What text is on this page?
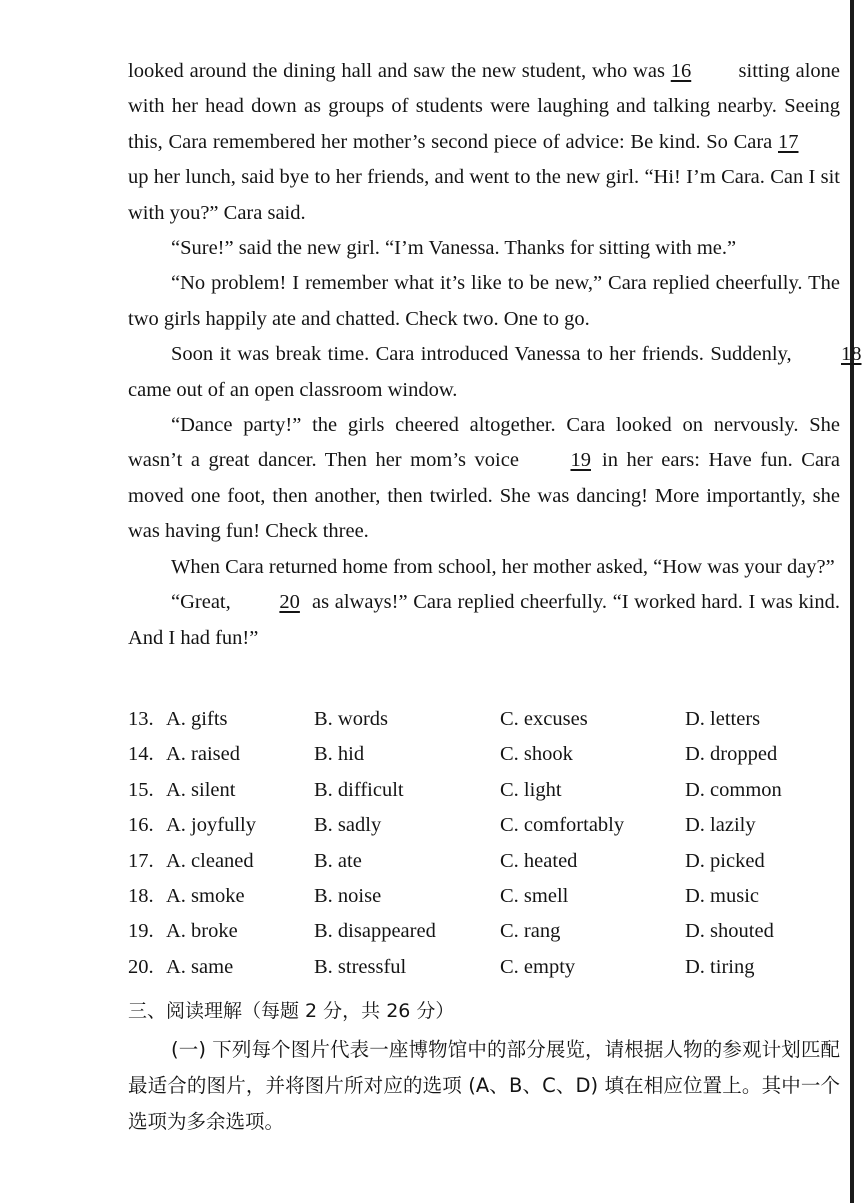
looked around the dining hall and saw the new student, who was 16 sitting alone with her head down as groups of students were laughing and talking nearby. Seeing this, Cara remembered her mother’s second piece of advice: Be kind. So Cara 17 up her lunch, said bye to her friends, and went to the new girl. “Hi! I’m Cara. Can I sit with you?” Cara said.

“Sure!” said the new girl. “I’m Vanessa. Thanks for sitting with me.”

“No problem! I remember what it’s like to be new,” Cara replied cheerfully. The two girls happily ate and chatted. Check two. One to go.

Soon it was break time. Cara introduced Vanessa to her friends. Suddenly, 18 came out of an open classroom window.

“Dance party!” the girls cheered altogether. Cara looked on nervously. She wasn’t a great dancer. Then her mom’s voice 19 in her ears: Have fun. Cara moved one foot, then another, then twirled. She was dancing! More importantly, she was having fun! Check three.

When Cara returned home from school, her mother asked, “How was your day?”

“Great, 20 as always!” Cara replied cheerfully. “I worked hard. I was kind. And I had fun!”

13. A. gifts	B. words	C. excuses	D. letters
14. A. raised	B. hid	C. shook	D. dropped
15. A. silent	B. difficult	C. light	D. common
16. A. joyfully	B. sadly	C. comfortably	D. lazily
17. A. cleaned	B. ate	C. heated	D. picked
18. A. smoke	B. noise	C. smell	D. music
19. A. broke	B. disappeared	C. rang	D. shouted
20. A. same	B. stressful	C. empty	D. tiring
三、阅读理解（每题 2 分，共 26 分）
(一) 下列每个图片代表一座博物馆中的部分展览，请根据人物的参观计划匹配最适合的图片，并将图片所对应的选项 (A、B、C、D) 填在相应位置上。其中一个选项为多余选项。
